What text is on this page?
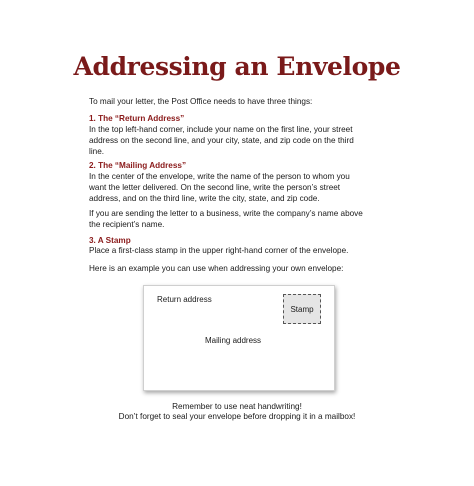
Addressing an Envelope
To mail your letter, the Post Office needs to have three things:
1. The “Return Address”
In the top left-hand corner, include your name on the first line, your street
address on the second line, and your city, state, and zip code on the third
line.
2. The “Mailing Address”
In the center of the envelope, write the name of the person to whom you
want the letter delivered. On the second line, write the person’s street
address, and on the third line, write the city, state, and zip code.
If you are sending the letter to a business, write the company’s name above
the recipient’s name.
3. A Stamp
Place a first-class stamp in the upper right-hand corner of the envelope.
Here is an example you can use when addressing your own envelope:
Return address
Stamp
Mailing address
Remember to use neat handwriting!
Don’t forget to seal your envelope before dropping it in a mailbox!
